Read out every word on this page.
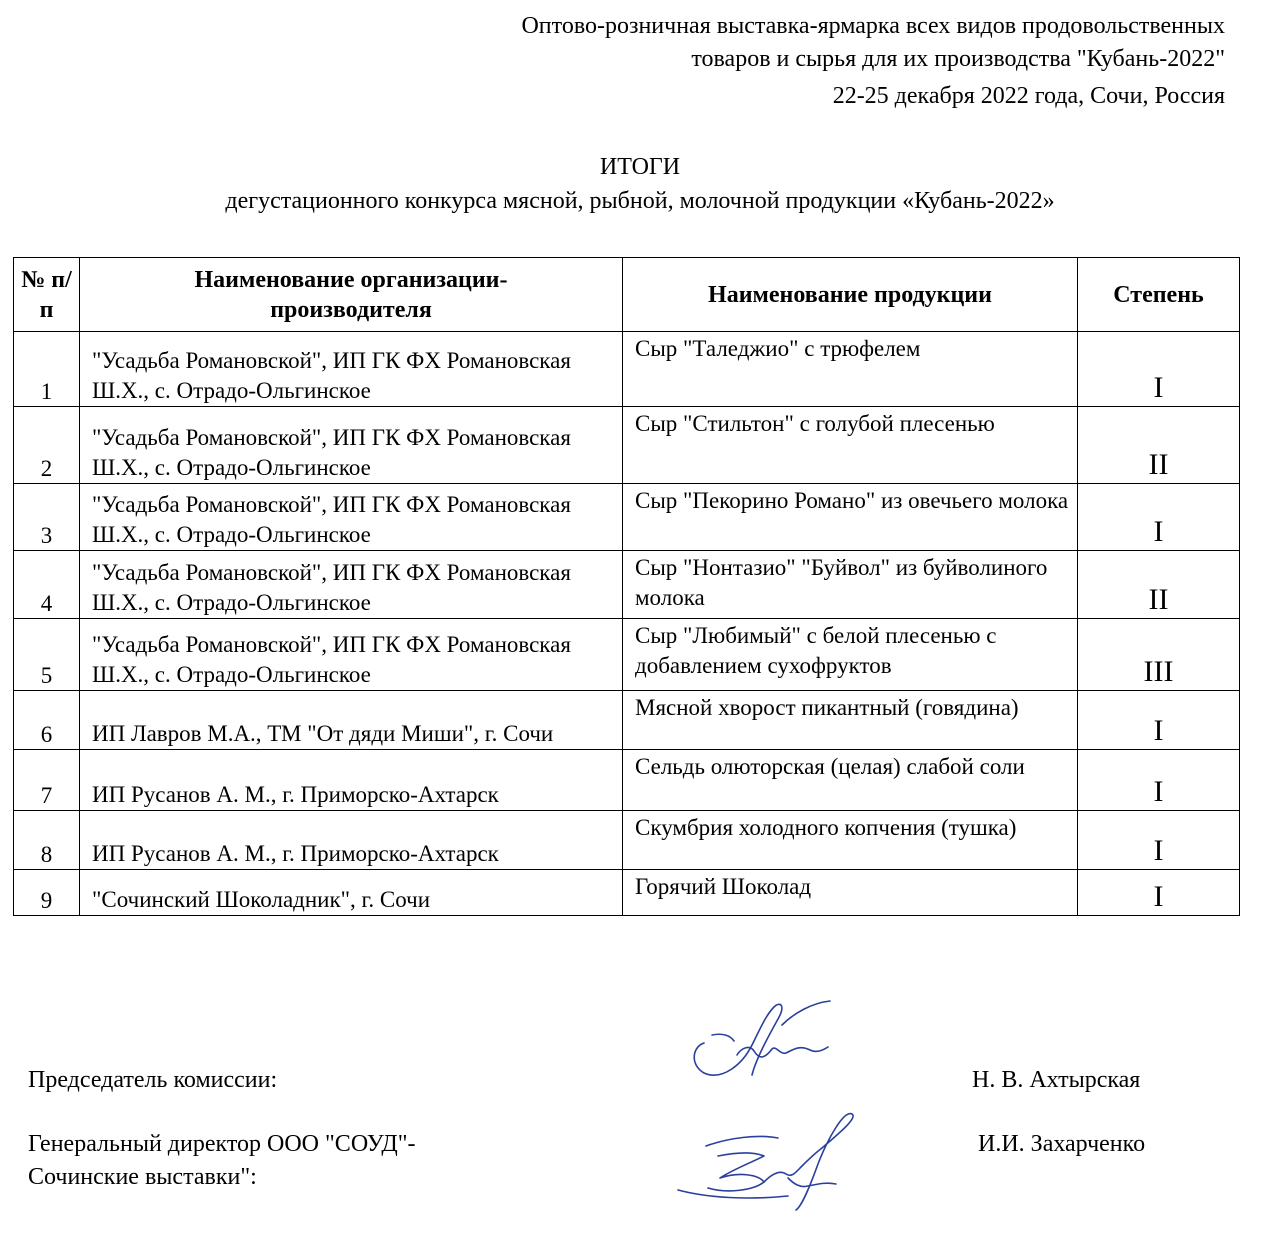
Оптово-розничная выставка-ярмарка всех видов продовольственных
товаров и сырья для их производства "Кубань-2022"
22-25 декабря 2022 года, Сочи, Россия
ИТОГИ
дегустационного конкурса мясной, рыбной, молочной продукции «Кубань-2022»
№ п/п	Наименование организации-производителя	Наименование продукции	Степень
1	"Усадьба Романовской", ИП ГК ФХ Романовская Ш.Х., с. Отрадо-Ольгинское	Сыр "Таледжио" с трюфелем	I
2	"Усадьба Романовской", ИП ГК ФХ Романовская Ш.Х., с. Отрадо-Ольгинское	Сыр "Стильтон" с голубой плесенью	II
3	"Усадьба Романовской", ИП ГК ФХ Романовская Ш.Х., с. Отрадо-Ольгинское	Сыр "Пекорино Романо" из овечьего молока	I
4	"Усадьба Романовской", ИП ГК ФХ Романовская Ш.Х., с. Отрадо-Ольгинское	Сыр "Нонтазио" "Буйвол" из буйволиного молока	II
5	"Усадьба Романовской", ИП ГК ФХ Романовская Ш.Х., с. Отрадо-Ольгинское	Сыр "Любимый" с белой плесенью с добавлением сухофруктов	III
6	ИП Лавров М.А., ТМ "От дяди Миши", г. Сочи	Мясной хворост пикантный (говядина)	I
7	ИП Русанов А. М., г. Приморско-Ахтарск	Сельдь олюторская (целая) слабой соли	I
8	ИП Русанов А. М., г. Приморско-Ахтарск	Скумбрия холодного копчения (тушка)	I
9	"Сочинский Шоколадник", г. Сочи	Горячий Шоколад	I
Председатель комиссии:	Н. В. Ахтырская
Генеральный директор ООО "СОУД"-
Сочинские выставки":
И.И. Захарченко
